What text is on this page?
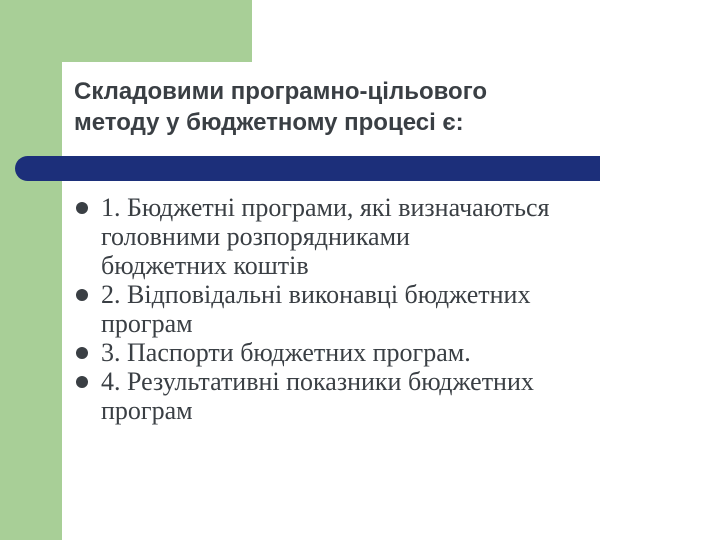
Складовими програмно-цільового
методу у бюджетному процесі є:
1. Бюджетні програми, які визначаються
головними розпорядниками
бюджетних коштів
2. Відповідальні виконавці бюджетних
програм
3. Паспорти бюджетних програм.
4. Результативні показники бюджетних
програм
